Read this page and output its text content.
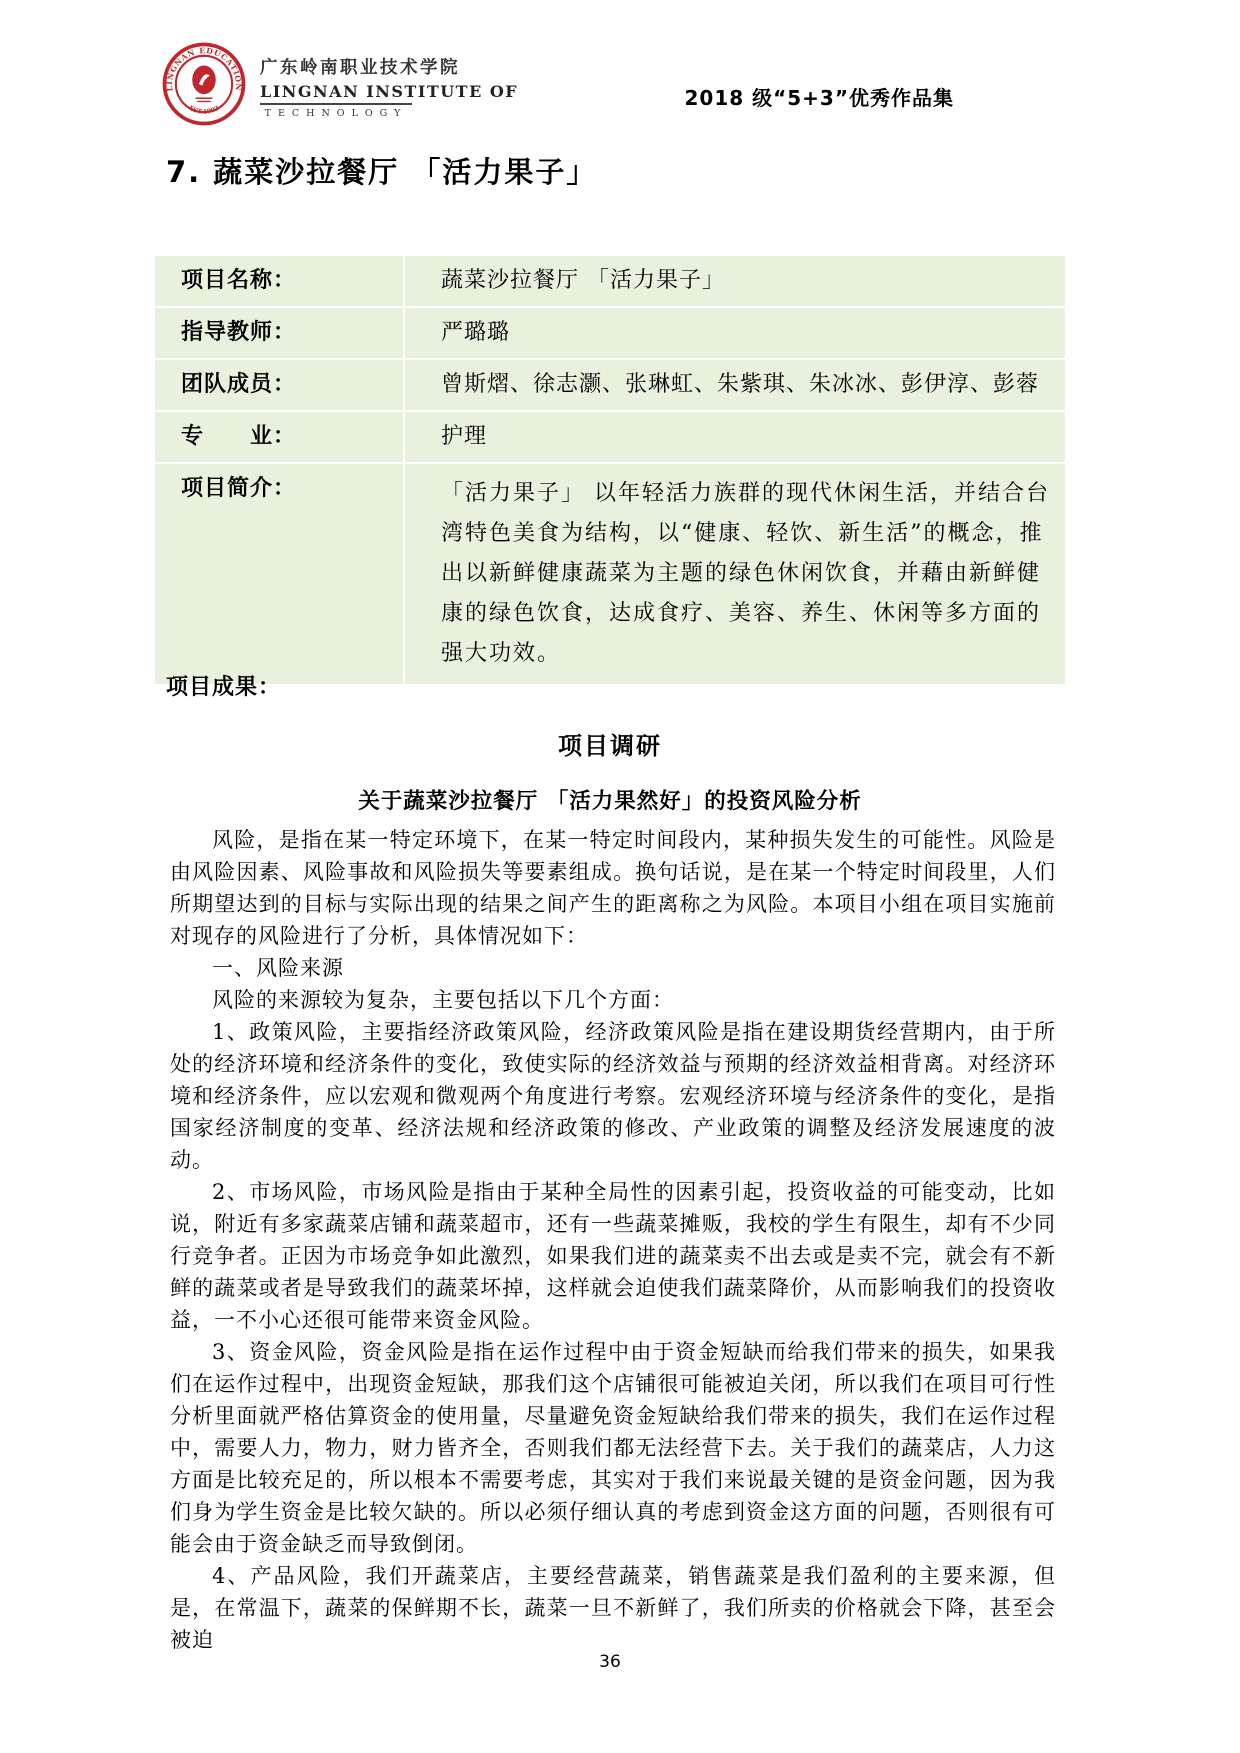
LINGNAN EDUCATION
EST.1993
广东岭南职业技术学院
LINGNAN INSTITUTE OF
TECHNOLOGY
2018 级“5+3”优秀作品集
7. 蔬菜沙拉餐厅 「活力果子」
项目名称：	蔬菜沙拉餐厅 「活力果子」
指导教师：	严璐璐
团队成员：	曾斯熠、徐志灏、张琳虹、朱紫琪、朱冰冰、彭伊淳、彭蓉
专　　业：	护理
项目简介：	「活力果子」 以年轻活力族群的现代休闲生活，并结合台湾特色美食为结构，以“健康、轻饮、新生活”的概念，推出以新鲜健康蔬菜为主题的绿色休闲饮食，并藉由新鲜健康的绿色饮食，达成食疗、美容、养生、休闲等多方面的强大功效。
项目成果：
项目调研
关于蔬菜沙拉餐厅 「活力果然好」的投资风险分析

风险，是指在某一特定环境下，在某一特定时间段内，某种损失发生的可能性。风险是由风险因素、风险事故和风险损失等要素组成。换句话说，是在某一个特定时间段里，人们所期望达到的目标与实际出现的结果之间产生的距离称之为风险。本项目小组在项目实施前对现存的风险进行了分析，具体情况如下：

一、风险来源

风险的来源较为复杂，主要包括以下几个方面：

1、政策风险，主要指经济政策风险，经济政策风险是指在建设期货经营期内，由于所处的经济环境和经济条件的变化，致使实际的经济效益与预期的经济效益相背离。对经济环境和经济条件，应以宏观和微观两个角度进行考察。宏观经济环境与经济条件的变化，是指国家经济制度的变革、经济法规和经济政策的修改、产业政策的调整及经济发展速度的波动。

2、市场风险，市场风险是指由于某种全局性的因素引起，投资收益的可能变动，比如说，附近有多家蔬菜店铺和蔬菜超市，还有一些蔬菜摊贩，我校的学生有限生，却有不少同行竞争者。正因为市场竞争如此激烈，如果我们进的蔬菜卖不出去或是卖不完，就会有不新鲜的蔬菜或者是导致我们的蔬菜坏掉，这样就会迫使我们蔬菜降价，从而影响我们的投资收益，一不小心还很可能带来资金风险。

3、资金风险，资金风险是指在运作过程中由于资金短缺而给我们带来的损失，如果我们在运作过程中，出现资金短缺，那我们这个店铺很可能被迫关闭，所以我们在项目可行性分析里面就严格估算资金的使用量，尽量避免资金短缺给我们带来的损失，我们在运作过程中，需要人力，物力，财力皆齐全，否则我们都无法经营下去。关于我们的蔬菜店，人力这方面是比较充足的，所以根本不需要考虑，其实对于我们来说最关键的是资金问题，因为我们身为学生资金是比较欠缺的。所以必须仔细认真的考虑到资金这方面的问题，否则很有可能会由于资金缺乏而导致倒闭。

4、产品风险，我们开蔬菜店，主要经营蔬菜，销售蔬菜是我们盈利的主要来源，但是，在常温下，蔬菜的保鲜期不长，蔬菜一旦不新鲜了，我们所卖的价格就会下降，甚至会被迫

36
